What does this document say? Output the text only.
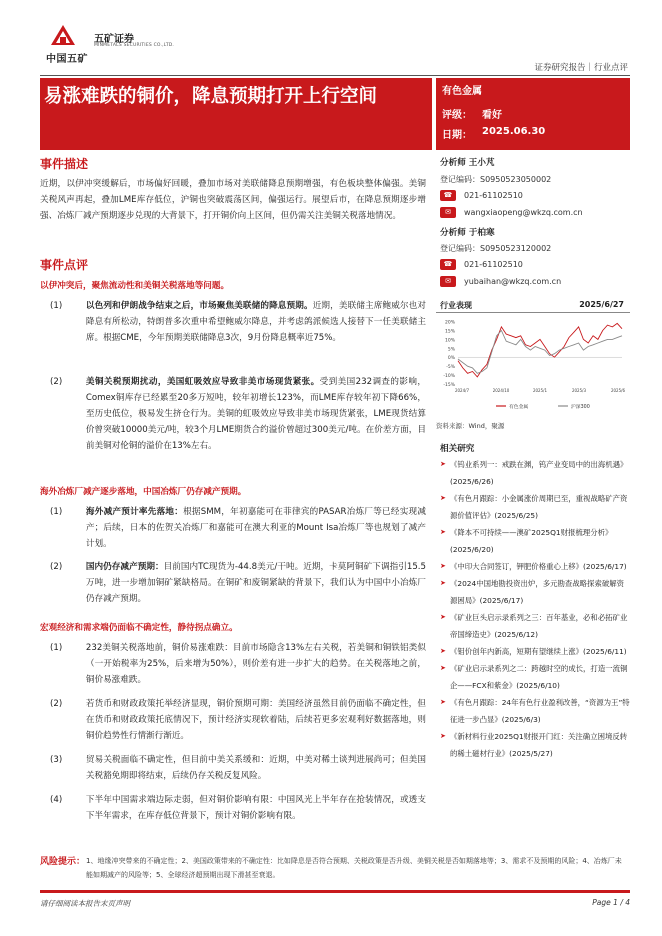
中国五矿
五矿证券
MINMETALS SECURITIES CO.,LTD.
证券研究报告｜行业点评
易涨难跌的铜价，降息预期打开上行空间	有色金属
评级：	看好
日期：	2025.06.30
事件描述
近期，以伊冲突缓解后，市场偏好回暖，叠加市场对美联储降息预期增强，有色板块整体偏强。美铜关税风声再起，叠加LME库存低位，沪铜也突破震荡区间，偏强运行。展望后市，在降息预期逐步增强、冶炼厂减产预期逐步兑现的大背景下，打开铜价向上区间，但仍需关注美铜关税落地情况。
事件点评
以伊冲突后，聚焦流动性和美铜关税落地等问题。
(1)	以色列和伊朗战争结束之后，市场聚焦美联储的降息预期。近期，美联储主席鲍威尔也对降息有所松动，特朗普多次重申希望鲍威尔降息，并考虑鸽派候选人接替下一任美联储主席。根据CME，今年预期美联储降息3次，9月份降息概率近75%。
(2)	美铜关税预期扰动，美国虹吸效应导致非美市场现货紧张。受到美国232调查的影响，Comex铜库存已经累至20多万短吨，较年初增长123%，而LME库存较年初下降66%，至历史低位，极易发生挤仓行为。美铜的虹吸效应导致非美市场现货紧张，LME现货结算价曾突破10000美元/吨，较3个月LME期货合约溢价曾超过300美元/吨。在价差方面，目前美铜对伦铜的溢价在13%左右。
海外冶炼厂减产逐步落地，中国冶炼厂仍存减产预期。
(1)	海外减产预计率先落地：根据SMM，年初嘉能可在菲律宾的PASAR冶炼厂等已经实现减产；后续，日本的佐贺关冶炼厂和嘉能可在澳大利亚的Mount Isa冶炼厂等也规划了减产计划。
(2)	国内仍存减产预期：目前国内TC现货为-44.8美元/干吨。近期，卡莫阿铜矿下调指引15.5万吨，进一步增加铜矿紧缺格局。在铜矿和废铜紧缺的背景下，我们认为中国中小冶炼厂仍存减产预期。
宏观经济和需求端仍面临不确定性，静待拐点确立。
(1)	232美铜关税落地前，铜价易涨难跌：目前市场隐含13%左右关税，若美铜和铜铁铝类似（一开始税率为25%，后来增为50%），则价差有进一步扩大的趋势。在关税落地之前，铜价易涨难跌。
(2)	若货币和财政政策托举经济显现，铜价预期可期：美国经济虽然目前仍面临不确定性，但在货币和财政政策托底情况下，预计经济实现软着陆，后续若更多宏观利好数据落地，则铜价趋势性行情渐行渐近。
(3)	贸易关税面临不确定性，但目前中美关系缓和：近期，中美对稀土谈判进展尚可；但美国关税豁免期即将结束，后续仍存关税反复风险。
(4)	下半年中国需求端边际走弱，但对铜价影响有限：中国风光上半年存在抢装情况，或透支下半年需求，在库存低位背景下，预计对铜价影响有限。
分析师 王小芃
登记编码：S0950523050002
☎	021-61102510
✉	wangxiaopeng@wkzq.com.cn
分析师 于柏寒
登记编码：S0950523120002
☎	021-61102510
✉	yubaihan@wkzq.com.cn
行业表现	2025/6/27
20%
15%
10%
5%
0%
-5%
-10%
-15%
2024/7	2024/10	2025/1	2025/3	2025/6
有色金属	沪深300
资料来源：Wind，聚源
相关研究
➤ 《钨业系列一：戒跌在渊，钨产业变局中的出海机遇》(2025/6/26)
➤ 《有色月跟踪：小金属涨价周期已至，重视战略矿产资源价值评估》(2025/6/25)
➤ 《降本不可持续——澳矿2025Q1财报梳理分析》(2025/6/20)
➤ 《中印大合同签订，钾肥价格重心上移》(2025/6/17)
➤ 《2024中国地勘投资出炉，多元勘查战略探索破解资源困局》(2025/6/17)
➤ 《矿业巨头启示录系列之三：百年基业，必和必拓矿业帝国缔造史》(2025/6/12)
➤ 《钼价创年内新高，短期有望继续上涨》(2025/6/11)
➤ 《矿业启示录系列之二：跨越时空的成长，打造一流铜企——FCX和紫金》(2025/6/10)
➤ 《有色月跟踪：24年有色行业盈利改善，“资源为王”特征进一步凸显》(2025/6/3)
➤ 《新材料行业2025Q1财报开门红：关注确立困境反转的稀土磁材行业》(2025/5/27)
风险提示： 1、地缘冲突带来的不确定性；2、美国政策带来的不确定性：比如降息是否符合预期、关税政策是否升级、美铜关税是否如期落地等；3、需求不及预期的风险；4、冶炼厂未能如期减产的风险等；5、全球经济超预期出现下滑甚至衰退。
请仔细阅读本报告末页声明	Page 1 / 4
